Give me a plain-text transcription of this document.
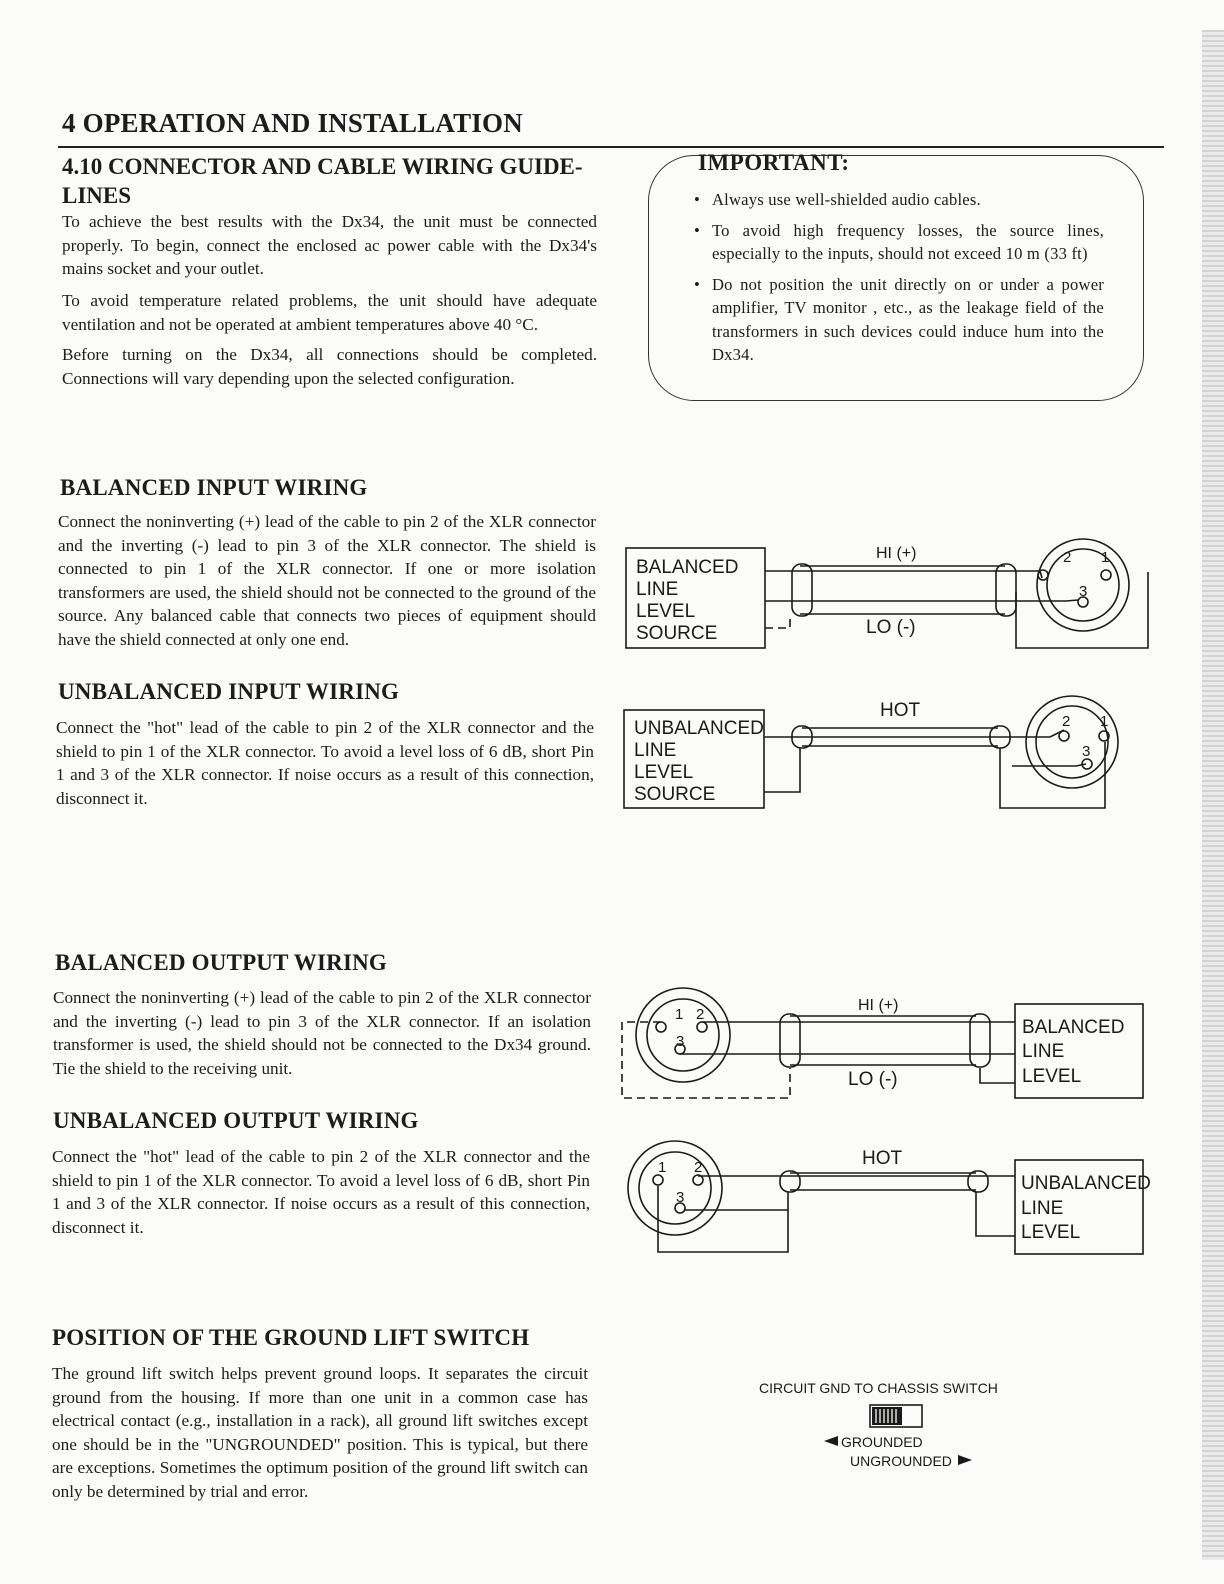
4 OPERATION AND INSTALLATION
4.10 CONNECTOR AND CABLE WIRING GUIDE-LINES

To achieve the best results with the Dx34, the unit must be connected properly. To begin, connect the enclosed ac power cable with the Dx34's mains socket and your outlet.

To avoid temperature related problems, the unit should have adequate ventilation and not be operated at ambient temperatures above 40 °C.

Before turning on the Dx34, all connections should be completed. Connections will vary depending upon the selected configuration.

IMPORTANT:
• Always use well-shielded audio cables.
• To avoid high frequency losses, the source lines, especially to the inputs, should not exceed 10 m (33 ft)
• Do not position the unit directly on or under a power amplifier, TV monitor , etc., as the leakage field of the transformers in such devices could induce hum into the Dx34.
BALANCED INPUT WIRING

Connect the noninverting (+) lead of the cable to pin 2 of the XLR connector and the inverting (-) lead to pin 3 of the XLR connector. The shield is connected to pin 1 of the XLR connector. If one or more isolation transformers are used, the shield should not be connected to the ground of the source. Any balanced cable that connects two pieces of equipment should have the shield connected at only one end.

UNBALANCED INPUT WIRING

Connect the "hot" lead of the cable to pin 2 of the XLR connector and the shield to pin 1 of the XLR connector. To avoid a level loss of 6 dB, short Pin 1 and 3 of the XLR connector. If noise occurs as a result of this connection, disconnect it.

BALANCED OUTPUT WIRING

Connect the noninverting (+) lead of the cable to pin 2 of the XLR connector and the inverting (-) lead to pin 3 of the XLR connector. If an isolation transformer is used, the shield should not be connected to the Dx34 ground. Tie the shield to the receiving unit.

UNBALANCED OUTPUT WIRING

Connect the "hot" lead of the cable to pin 2 of the XLR connector and the shield to pin 1 of the XLR connector. To avoid a level loss of 6 dB, short Pin 1 and 3 of the XLR connector. If noise occurs as a result of this connection, disconnect it.

POSITION OF THE GROUND LIFT SWITCH

The ground lift switch helps prevent ground loops. It separates the circuit ground from the housing. If more than one unit in a common case has electrical contact (e.g., installation in a rack), all ground lift switches except one should be in the "UNGROUNDED" position. This is typical, but there are exceptions. Sometimes the optimum position of the ground lift switch can only be determined by trial and error.

BALANCED
LINE
LEVEL
SOURCE
HI (+)
LO (-)
2 1
3
UNBALANCED
LINE
LEVEL
SOURCE
HOT
2 1
3
1 2
3
HI (+)
LO (-)
BALANCED
LINE
LEVEL
1 2
3
HOT
UNBALANCED
LINE
LEVEL
CIRCUIT GND TO CHASSIS SWITCH
GROUNDED
UNGROUNDED
